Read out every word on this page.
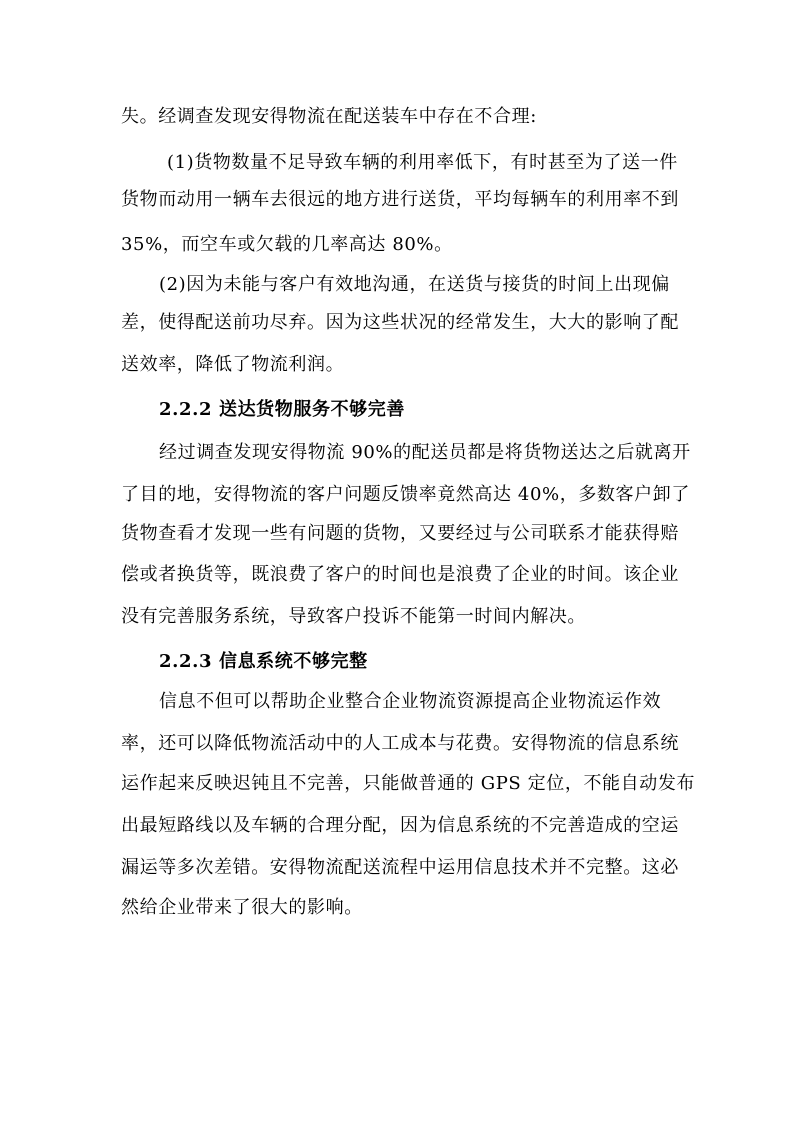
失。经调查发现安得物流在配送装车中存在不合理:
(1)货物数量不足导致车辆的利用率低下，有时甚至为了送一件
货物而动用一辆车去很远的地方进行送货，平均每辆车的利用率不到
35%，而空车或欠载的几率高达 80%。
(2)因为未能与客户有效地沟通，在送货与接货的时间上出现偏
差，使得配送前功尽弃。因为这些状况的经常发生，大大的影响了配
送效率，降低了物流利润。
2.2.2 送达货物服务不够完善
经过调查发现安得物流 90%的配送员都是将货物送达之后就离开
了目的地，安得物流的客户问题反馈率竟然高达 40%，多数客户卸了
货物查看才发现一些有问题的货物，又要经过与公司联系才能获得赔
偿或者换货等，既浪费了客户的时间也是浪费了企业的时间。该企业
没有完善服务系统，导致客户投诉不能第一时间内解决。
2.2.3 信息系统不够完整
信息不但可以帮助企业整合企业物流资源提高企业物流运作效
率，还可以降低物流活动中的人工成本与花费。安得物流的信息系统
运作起来反映迟钝且不完善，只能做普通的 GPS 定位，不能自动发布
出最短路线以及车辆的合理分配，因为信息系统的不完善造成的空运
漏运等多次差错。安得物流配送流程中运用信息技术并不完整。这必
然给企业带来了很大的影响。
